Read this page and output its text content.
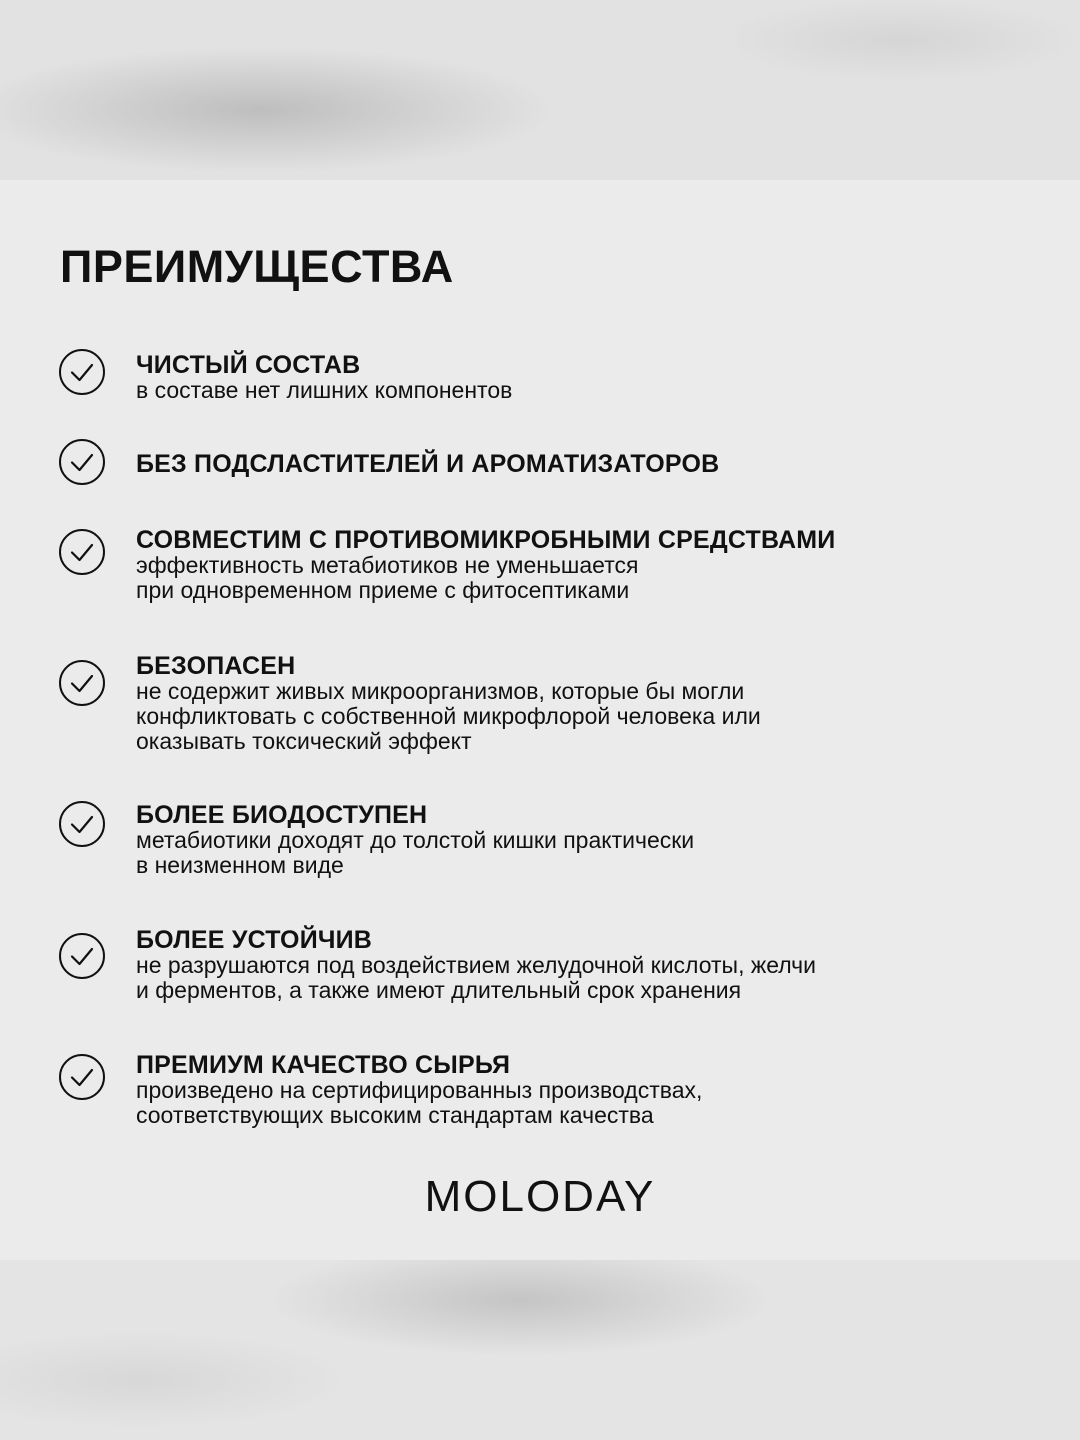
ПРЕИМУЩЕСТВА

ЧИСТЫЙ СОСТАВ

в составе нет лишних компонентов

БЕЗ ПОДСЛАСТИТЕЛЕЙ И АРОМАТИЗАТОРОВ

СОВМЕСТИМ С ПРОТИВОМИКРОБНЫМИ СРЕДСТВАМИ

эффективность метабиотиков не уменьшается
при одновременном приеме с фитосептиками

БЕЗОПАСЕН

не содержит живых микроорганизмов, которые бы могли
конфликтовать с собственной микрофлорой человека или
оказывать токсический эффект

БОЛЕЕ БИОДОСТУПЕН

метабиотики доходят до толстой кишки практически
в неизменном виде

БОЛЕЕ УСТОЙЧИВ

не разрушаются под воздействием желудочной кислоты, желчи
и ферментов, а также имеют длительный срок хранения

ПРЕМИУМ КАЧЕСТВО СЫРЬЯ

произведено на сертифицированныз производствах,
соответствующих высоким стандартам качества

MOLODAY
